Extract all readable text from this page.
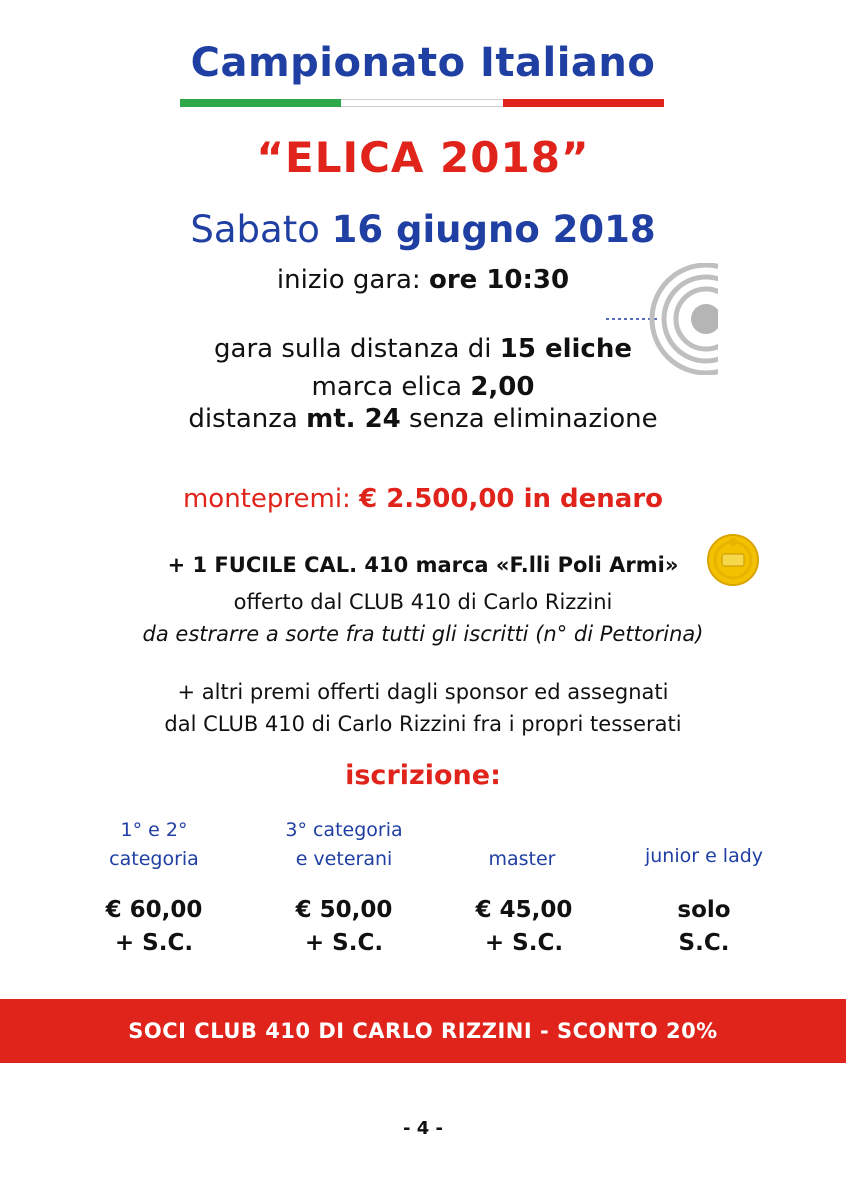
Campionato Italiano
“ELICA 2018”
Sabato 16 giugno 2018
inizio gara: ore 10:30
gara sulla distanza di 15 eliche
marca elica 2,00
distanza mt. 24 senza eliminazione
montepremi: € 2.500,00 in denaro
+ 1 FUCILE CAL. 410 marca «F.lli Poli Armi»
offerto dal CLUB 410 di Carlo Rizzini
da estrarre a sorte fra tutti gli iscritti (n° di Pettorina)
+ altri premi offerti dagli sponsor ed assegnati
dal CLUB 410 di Carlo Rizzini fra i propri tesserati
iscrizione:
1° e 2°
categoria
3° categoria
e veterani	master	junior e lady
€ 60,00
+ S.C.
€ 50,00
+ S.C.
€ 45,00
+ S.C.
solo
S.C.
SOCI CLUB 410 DI CARLO RIZZINI - SCONTO 20%
- 4 -
